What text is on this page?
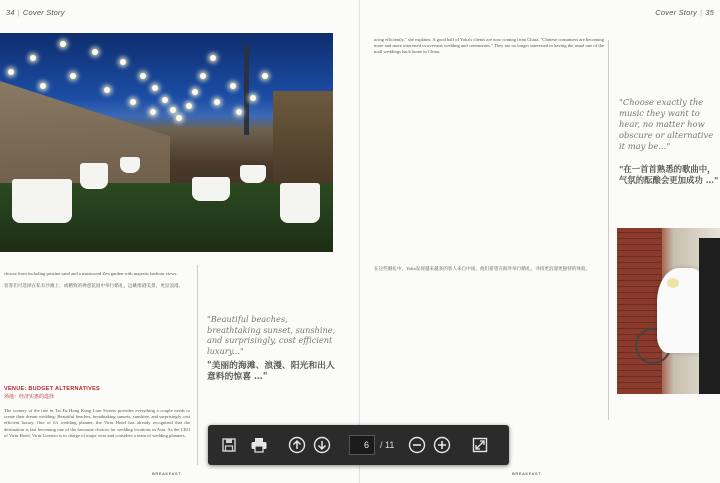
34 | Cover Story
choose from including pristine sand and a manicured Zen garden with majestic harbour views.

客客们可选择在私有沙滩上、或精致的禅意花园中举行婚礼，远眺维港美景，更显浪漫。
VENUE: BUDGET ALTERNATIVES
场地：经济实惠的选择
The scenery of the tree in Tai Fu Hong Kong Lore Sweets provides everything a couple needs to create their dream wedding: Beautiful beaches, breathtaking sunsets, sunshine, and surprisingly cost efficient luxury. One of it's wedding planner, the Virtu Hotel has already recognised that the destination is fast becoming one of the favourite choices for wedding locations in Asia. As the CEO of Virtu Hotel, Virtu Lorenzo is in charge of major wise and considers a team of wedding planners,
"Beautiful beaches, breathtaking sunset, sunshine, and surprisingly, cost efficient luxury..."
"美丽的海滩、浪漫、阳光和出人意料的惊喜 …"
BREAKFAST
Cover Story | 35
acing efficiently," she explains. A good half of Yoka's clients are now coming from China. "Chinese consumers are becoming more and more interested in overseas wedding and ceremonies." They are no longer interested in having the usual one of the mall weddings back home in China.
在这些婚礼中，Yoka发现越来越多的客人来自中国，他们希望在海外举行婚礼，寻找更浪漫更独特的体验。
"Choose exactly the music they want to hear, no matter how obscure or alternative it may be..."
"在一首首熟悉的歌曲中，气氛的酝酿会更加成功 …"
BREAKFAST
6
/ 11
